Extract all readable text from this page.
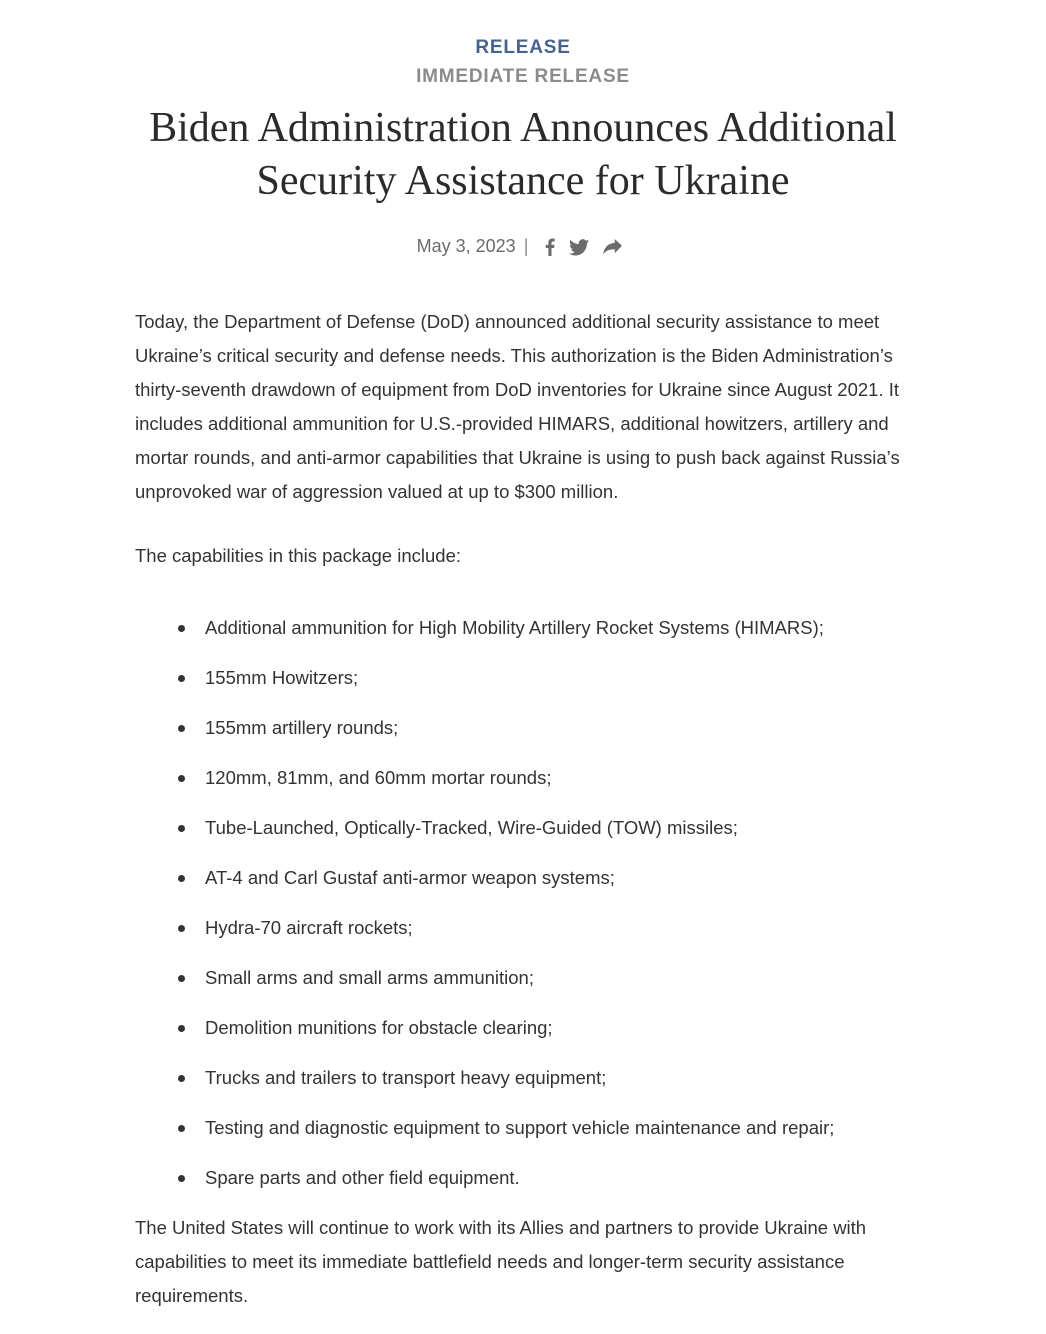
RELEASE
IMMEDIATE RELEASE
Biden Administration Announces Additional Security Assistance for Ukraine
May 3, 2023 |

Today, the Department of Defense (DoD) announced additional security assistance to meet Ukraine’s critical security and defense needs. This authorization is the Biden Administration’s thirty-seventh drawdown of equipment from DoD inventories for Ukraine since August 2021. It includes additional ammunition for U.S.-provided HIMARS, additional howitzers, artillery and mortar rounds, and anti-armor capabilities that Ukraine is using to push back against Russia’s unprovoked war of aggression valued at up to $300 million.

The capabilities in this package include:

Additional ammunition for High Mobility Artillery Rocket Systems (HIMARS);
155mm Howitzers;
155mm artillery rounds;
120mm, 81mm, and 60mm mortar rounds;
Tube-Launched, Optically-Tracked, Wire-Guided (TOW) missiles;
AT-4 and Carl Gustaf anti-armor weapon systems;
Hydra-70 aircraft rockets;
Small arms and small arms ammunition;
Demolition munitions for obstacle clearing;
Trucks and trailers to transport heavy equipment;
Testing and diagnostic equipment to support vehicle maintenance and repair;
Spare parts and other field equipment.

The United States will continue to work with its Allies and partners to provide Ukraine with capabilities to meet its immediate battlefield needs and longer-term security assistance requirements.
